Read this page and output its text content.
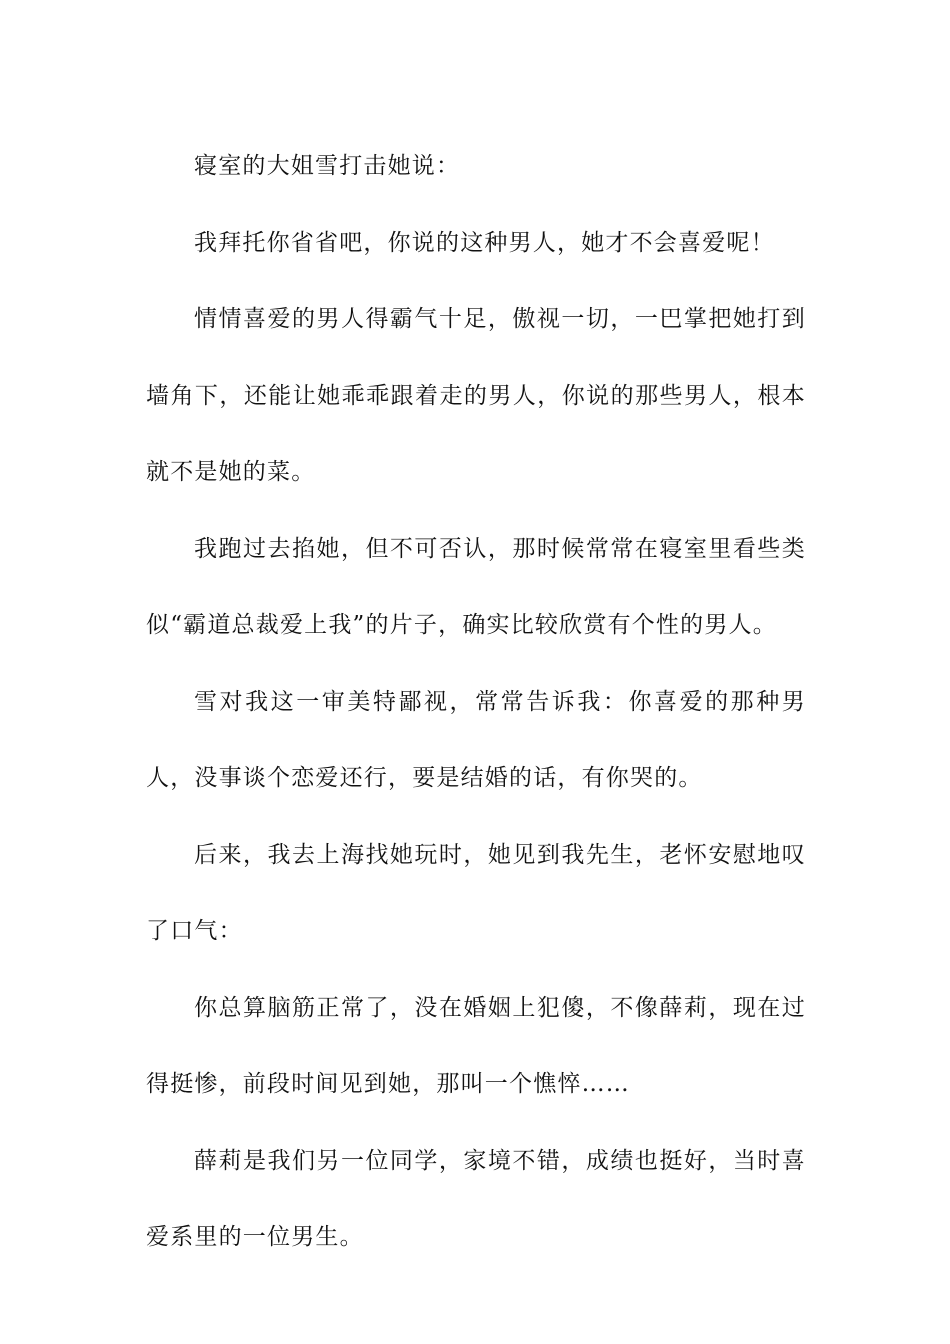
寝室的大姐雪打击她说：

我拜托你省省吧，你说的这种男人，她才不会喜爱呢！

情情喜爱的男人得霸气十足，傲视一切，一巴掌把她打到墙角下，还能让她乖乖跟着走的男人，你说的那些男人，根本就不是她的菜。

我跑过去掐她，但不可否认，那时候常常在寝室里看些类似“霸道总裁爱上我”的片子，确实比较欣赏有个性的男人。

雪对我这一审美特鄙视，常常告诉我：你喜爱的那种男人，没事谈个恋爱还行，要是结婚的话，有你哭的。

后来，我去上海找她玩时，她见到我先生，老怀安慰地叹了口气：

你总算脑筋正常了，没在婚姻上犯傻，不像薛莉，现在过得挺惨，前段时间见到她，那叫一个憔悴……

薛莉是我们另一位同学，家境不错，成绩也挺好，当时喜爱系里的一位男生。
